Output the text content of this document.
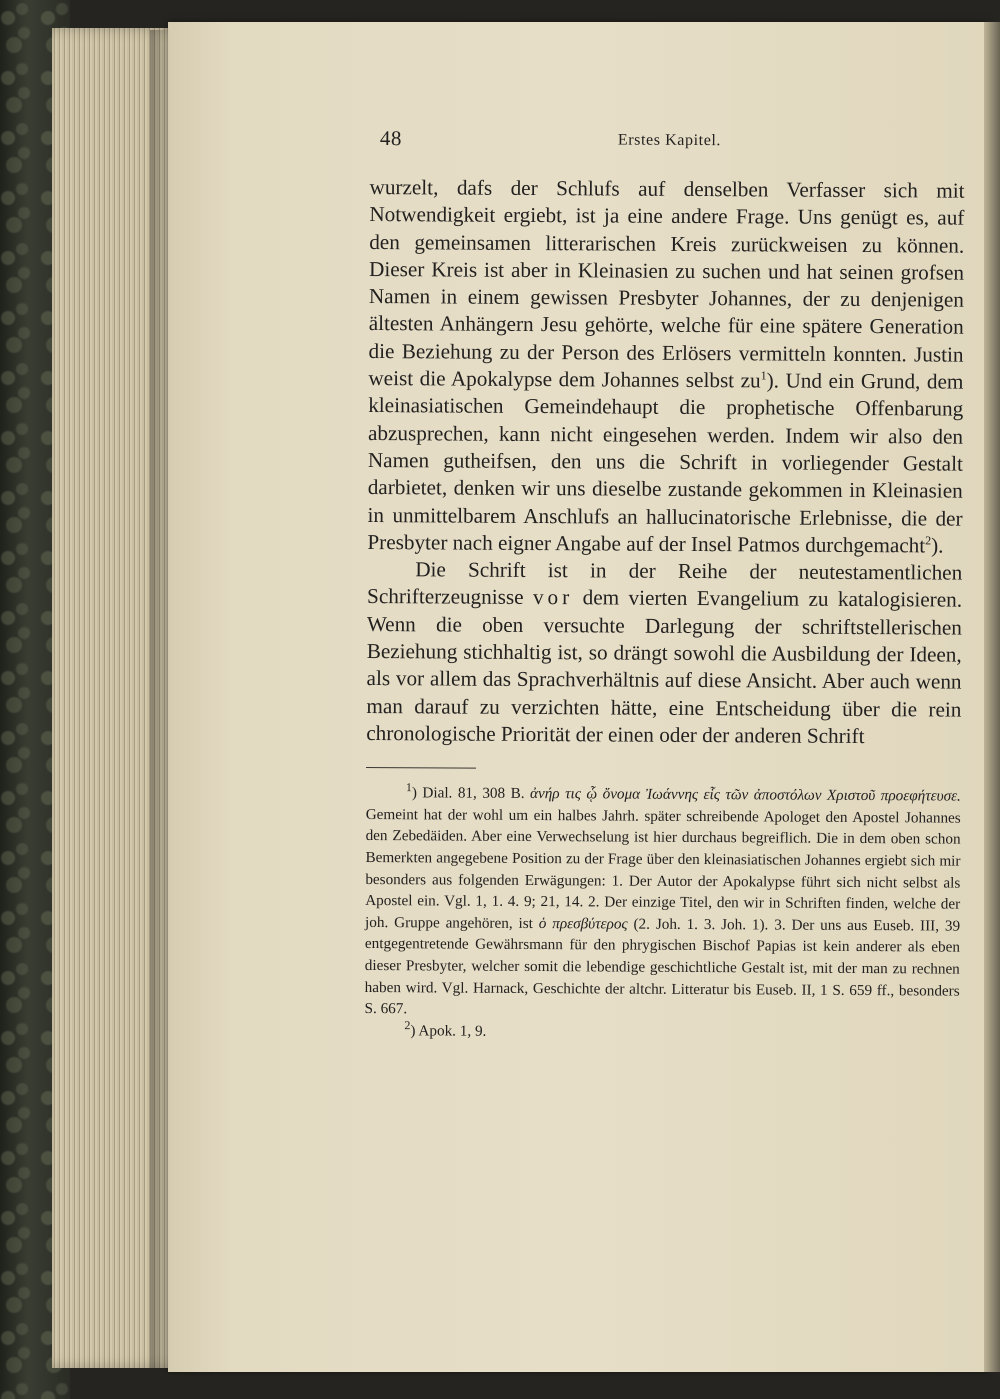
48	Erstes Kapitel.

wurzelt, dafs der Schlufs auf denselben Verfasser sich mit Notwendigkeit ergiebt, ist ja eine andere Frage. Uns genügt es, auf den gemeinsamen litterarischen Kreis zurückweisen zu können. Dieser Kreis ist aber in Kleinasien zu suchen und hat seinen grofsen Namen in einem gewissen Presbyter Johannes, der zu denjenigen ältesten Anhängern Jesu gehörte, welche für eine spätere Generation die Beziehung zu der Person des Erlösers vermitteln konnten. Justin weist die Apokalypse dem Johannes selbst $zu^1$). Und ein Grund, dem kleinasiatischen Gemeindehaupt die prophetische Offenbarung abzusprechen, kann nicht eingesehen werden. Indem wir also den Namen gutheifsen, den uns die Schrift in vorliegender Gestalt darbietet, denken wir uns dieselbe zustande gekommen in Kleinasien in unmittelbarem Anschlufs an hallucinatorische Erlebnisse, die der Presbyter nach eigner Angabe auf der Insel Patmos durchgemacht$^2$).

Die Schrift ist in der Reihe der neutestamentlichen Schrifterzeugnisse vor dem vierten Evangelium zu katalogisieren. Wenn die oben versuchte Darlegung der schriftstellerischen Beziehung stichhaltig ist, so drängt sowohl die Ausbildung der Ideen, als vor allem das Sprachverhältnis auf diese Ansicht. Aber auch wenn man darauf zu verzichten hätte, eine Entscheidung über die rein chronologische Priorität der einen oder der anderen Schrift

$^1$) Dial. 81, 308 B. ἀνήρ τις ᾧ ὄνομα Ἰωάννης εἷς τῶν ἀποστόλων Χριστοῦ προεφήτευσε. Gemeint hat der wohl um ein halbes Jahrh. später schreibende Apologet den Apostel Johannes den Zebedäiden. Aber eine Verwechselung ist hier durchaus begreiflich. Die in dem oben schon Bemerkten angegebene Position zu der Frage über den kleinasiatischen Johannes ergiebt sich mir besonders aus folgenden Erwägungen: 1. Der Autor der Apokalypse führt sich nicht selbst als Apostel ein. Vgl. 1, 1. 4. 9; 21, 14. 2. Der einzige Titel, den wir in Schriften finden, welche der joh. Gruppe angehören, ist ὁ πρεσβύτερος (2. Joh. 1. 3. Joh. 1). 3. Der uns aus Euseb. III, 39 entgegentretende Gewährsmann für den phrygischen Bischof Papias ist kein anderer als eben dieser Presbyter, welcher somit die lebendige geschichtliche Gestalt ist, mit der man zu rechnen haben wird. Vgl. Harnack, Geschichte der altchr. Litteratur bis Euseb. II, 1 S. 659 ff., besonders S. 667.

$^2$) Apok. 1, 9.
